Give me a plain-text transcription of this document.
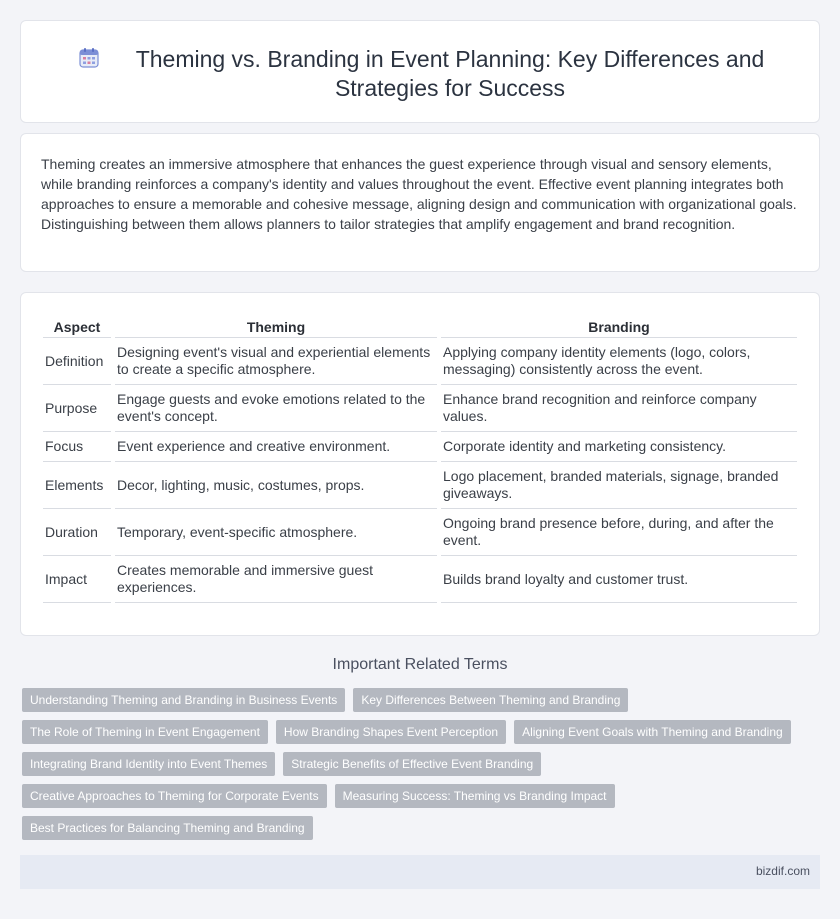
Theming vs. Branding in Event Planning: Key Differences and Strategies for Success

Theming creates an immersive atmosphere that enhances the guest experience through visual and sensory elements, while branding reinforces a company's identity and values throughout the event. Effective event planning integrates both approaches to ensure a memorable and cohesive message, aligning design and communication with organizational goals. Distinguishing between them allows planners to tailor strategies that amplify engagement and brand recognition.

Aspect	Theming	Branding
Definition	Designing event's visual and experiential elements to create a specific atmosphere.	Applying company identity elements (logo, colors, messaging) consistently across the event.
Purpose	Engage guests and evoke emotions related to the event's concept.	Enhance brand recognition and reinforce company values.
Focus	Event experience and creative environment.	Corporate identity and marketing consistency.
Elements	Decor, lighting, music, costumes, props.	Logo placement, branded materials, signage, branded giveaways.
Duration	Temporary, event-specific atmosphere.	Ongoing brand presence before, during, and after the event.
Impact	Creates memorable and immersive guest experiences.	Builds brand loyalty and customer trust.
Important Related Terms
Understanding Theming and Branding in Business Events	Key Differences Between Theming and Branding
The Role of Theming in Event Engagement	How Branding Shapes Event Perception	Aligning Event Goals with Theming and Branding
Integrating Brand Identity into Event Themes	Strategic Benefits of Effective Event Branding
Creative Approaches to Theming for Corporate Events	Measuring Success: Theming vs Branding Impact
Best Practices for Balancing Theming and Branding
bizdif.com
